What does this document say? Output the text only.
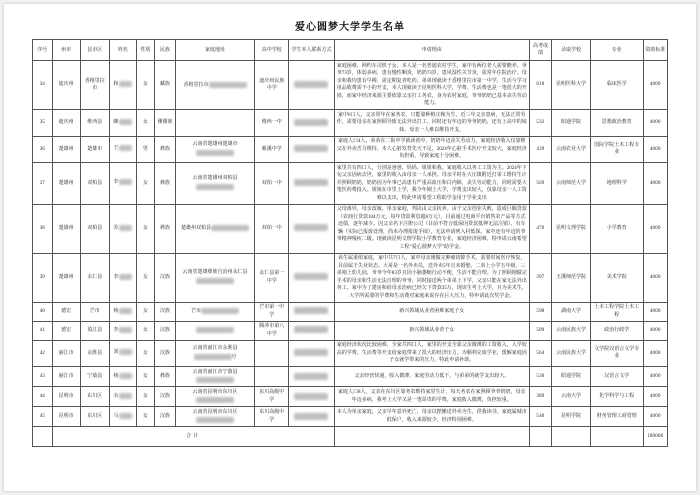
爱心圆梦大学学生名单
序号	州市	县市区	姓名	性别	民族	家庭地址	高中学校	学生本人联系方式	申请理由	高考成绩	录取学校	专业	资助标准
34	迪庆州	香格里拉市	和	女	藏族	香格里拉市	迪庆州民族中学		家庭困难，网约车司机子女，本人是一名普通农村学生，家中有两位老人需要赡养。爷爷73岁，体弱多病，患有慢性咽炎，奶奶73岁，患风湿性关节炎，需常年住院治疗。母亲和我均患有早搏，需定期复查吃药。弟弟现就读于香格里拉市第一中学，生活与学习用品收费需不小的开支，本人现就读于昆明医科大学，学费、生活费也是一笔很大的开销，而家中经济来源主要依靠父亲打工务农，身为农村家庭，爷爷奶奶已基本丧失劳动能力。	610	昆明医科大学	临床医学	4000
35	迪庆州	维西县	蜂	女	傈僳族		维西一中		家中6口人，父亲常年在家务农，只能靠种植庄稼为生，近三年父亲患病，无法正常劳作，需要母亲在家照顾导致无法外出打工。同时还有年迈的爷爷奶奶，还有上高中的妹妹，母亲一人难以维持开支。	532	昭通学院	思想政治教育	4000
36	楚雄州	楚雄市	王	男	彝族	云南省楚雄州楚雄市	紫溪中学		家庭人口4人，弟弟在二街中学就读初中，奶奶年迈丧失劳动力，家庭经济收入仅靠继父在外卖苦力维持，本人心脏发育先天不足，2024年心脏手术医疗开支较大，家庭经济负担重，导致家庭十分困难。	439	云南农业大学	国际学院土木工程专业	4000
37	楚雄州	双柏县	李	女	彝族	云南省楚雄州双柏县	双柏一中		家里共有四口人，分别是爸爸、妈妈、姐姐和我。家庭收入以务工工资为主。2024年下旬父亲因病去世，家里的收入由母亲一人承担。母亲平时在大庄镇附近打零工维持生计并照顾奶奶。奶奶因为年事已高患有严重高血压和白内障，丧失劳动能力，同时需要大笔医药费投入。姐姐在市里上学，我今年刚上大学，学费支出较大，仅靠母亲一人工资难以支出，特此申请希望工程助学金用于学业支出	569	云南师范大学	地理科学	4000
38	楚雄州	双柏县	苏	女	彝族	楚雄州双柏县	双柏一中		父母离异，母亲改嫁，单亲家庭，判决由父亲抚养。由于父亲创业失败，造成巨额贷款（农商行贷款104万元，每年贷款利息超8万元），目前通过电商平台销售农产品等方式还债，逐年减少。因父亲名下注册公司（目前不符合低保因贷款抵押无法注销）、有车辆（实际已报废处理，尚未办理报废手续），无法申请列入村低保。家中还有年迈的爷爷精神残疾二级。现就读昆明文理学院小学教育专业，家庭经济困难，特申请云南希望工程“爱心圆梦大学”助学金。	470	昆明文理学院	小学教育	4000
39	楚雄州	永仁县	李	女	汉族	云南省楚雄彝族自治州永仁县	永仁县第一中学		该生属重组家庭，家中共7口人，家中母亲刚做完肿瘤切除手术，需要时间医疗恢复，目前属于失业状态。大哥是一名外卖员，送外卖5年且未婚娶，二弟上小学五年级，三弟刚上幼儿园，爷爷今年83岁且因小脑萎缩行动不便，生活不能自理。为了照顾刚做完手术的母亲和生活无法自理的爷爷，同时接送两个弟弟上下学，父亲只能在家无法外出务工。家中为了建房和给母亲治病已经欠下贷款35万，现该生考上大学，且为美术生，大学所需要的学费和生活费对家庭来说存在巨大压力，特申请此次奖学金。	397	玉溪师范学院	美术学院	4000
40	德宏	芒市	杨	女	汉族	芒市	芒市第一中学		新兴领域从业者困难家庭子女	598	湖南大学	土木工程学院土木工程	4000
41	德宏	盈江县	李	女	汉族		腾冲市第八中学		新兴领域从业者子女	509	云南民族大学	政治行政学	4000
42	丽江市	永胜县	刘	女	汉族	云南省丽江市永胜县号			家庭经济状况比较困难，全家共四口人，家里的开支全靠父亲微薄的工资收入，入学较高的学费、生活费等开支给家庭带来了很大的经济压力。为顺利完成学业，缓解家庭因子女就学带来的压力，特此申请补助。	564	云南民族大学	文学院汉语言文学专业	4000
43	丽江市	宁蒗县	杨	女	彝族	云南省丽江市宁蒗县			父亲经营快递，收入微薄，家庭劳动力低下，与弟弟的就学支出较大。	530	昭通学院	汉语言文学	4000
44	昆明市	东川区	余	女	汉族	云南省昆明市东川区	东川高级中学		家庭人口8人，父亲在东川区靠务农维持家里生计，每天务农在家照顾爷爷奶奶，母亲年迈多病，我考上大学又是一笔昂贵的学费，家庭收入微薄，负担较重。	389	云南大学	化学科学与工程	4000
45	昆明市	东川区	马	女	汉族	云南省昆明市东川区	东川高级中学		本人为单亲家庭，父亲早年意外死亡，母亲以摆摊送外卖为生，供我读书，家庭属城市低保户，收入来源较少，经济特别困难。	540	昆明学院	财务管理工商管理	4000
	合计												180000
